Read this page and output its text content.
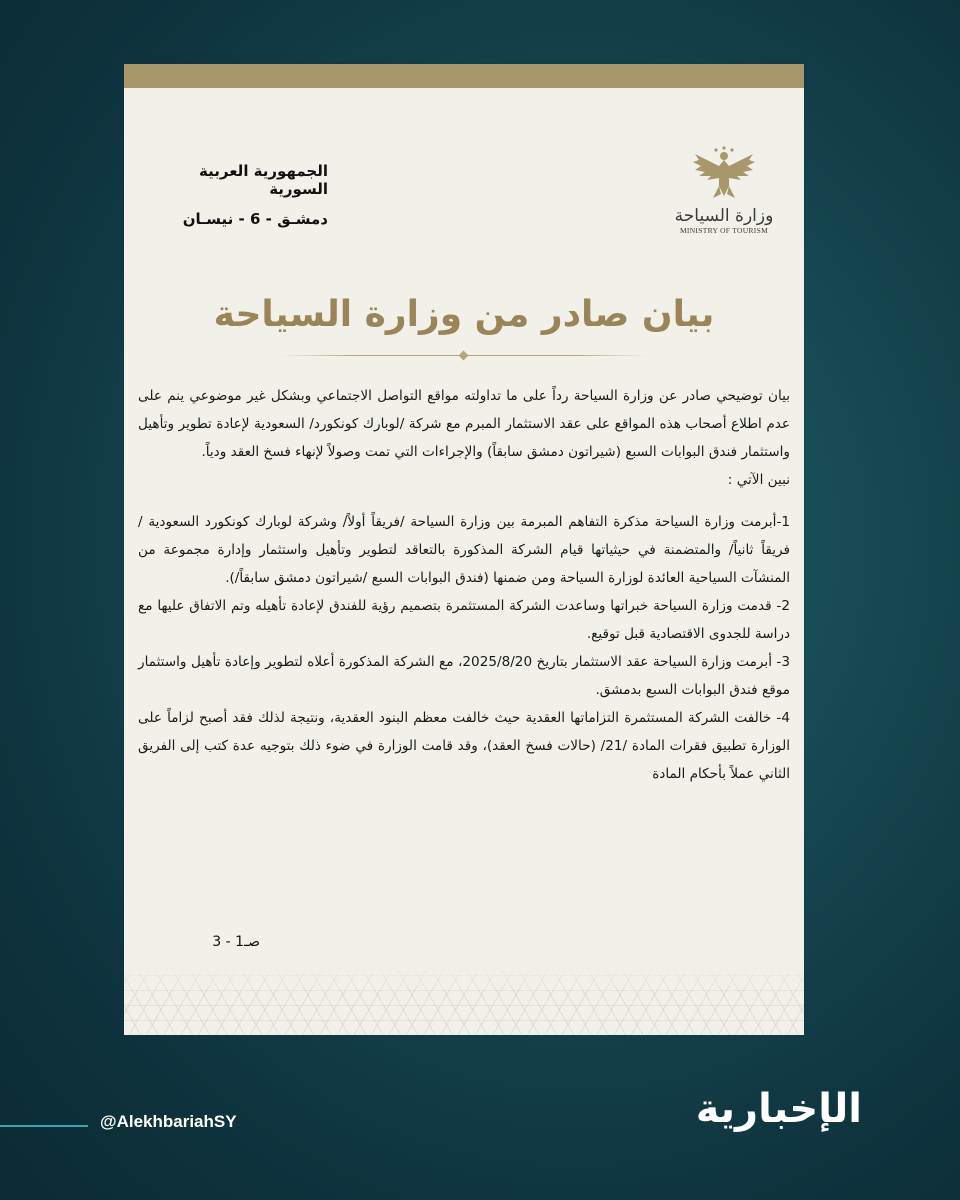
وزارة السياحة
MINISTRY OF TOURISM
الجمهورية العربية السورية
دمشـق - 6 - نيسـان
بيان صادر من وزارة السياحة

بيان توضيحي صادر عن وزارة السياحة رداً على ما تداولته مواقع التواصل الاجتماعي وبشكل غير موضوعي ينم على عدم اطلاع أصحاب هذه المواقع على عقد الاستثمار المبرم مع شركة /لوبارك كونكورد/ السعودية لإعادة تطوير وتأهيل واستثمار فندق البوابات السبع (شيراتون دمشق سابقاً) والإجراءات التي تمت وصولاً لإنهاء فسخ العقد ودياً.

نبين الآتي :

1-أبرمت وزارة السياحة مذكرة التفاهم المبرمة بين وزارة السياحة /فريقاً أولاً/ وشركة لوبارك كونكورد السعودية /فريقاً ثانياً/ والمتضمنة في حيثياتها قيام الشركة المذكورة بالتعاقد لتطوير وتأهيل واستثمار وإدارة مجموعة من المنشآت السياحية العائدة لوزارة السياحة ومن ضمنها (فندق البوابات السبع /شيراتون دمشق سابقاً/).

2- قدمت وزارة السياحة خبراتها وساعدت الشركة المستثمرة بتصميم رؤية للفندق لإعادة تأهيله وتم الاتفاق عليها مع دراسة للجدوى الاقتصادية قبل توقيع.

3- أبرمت وزارة السياحة عقد الاستثمار بتاريخ 2025/8/20، مع الشركة المذكورة أعلاه لتطوير وإعادة تأهيل واستثمار موقع فندق البوابات السبع بدمشق.

4- خالفت الشركة المستثمرة التزاماتها العقدية حيث خالفت معظم البنود العقدية، ونتيجة لذلك فقد أصبح لزاماً على الوزارة تطبيق فقرات المادة /21/ (حالات فسخ العقد)، وقد قامت الوزارة في ضوء ذلك بتوجيه عدة كتب إلى الفريق الثاني عملاً بأحكام المادة

صـ1 - 3
@AlekhbariahSY	الإخبارية
